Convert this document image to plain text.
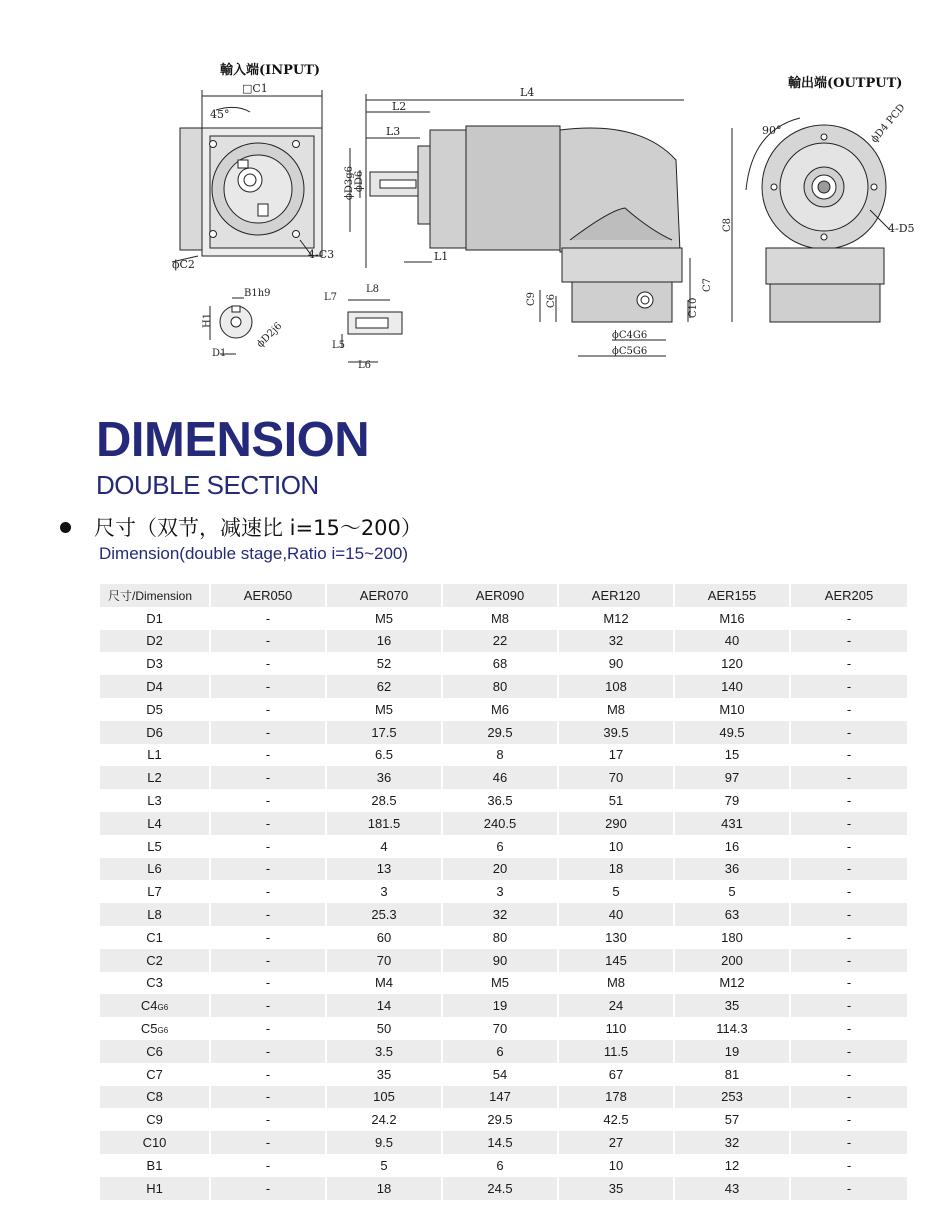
輸入端(INPUT)
輸出端(OUTPUT)
□C1
45°
ϕC2
4-C3
L2
L3
L4
L1
ϕD3g6 ϕD6
C8
C7
C9 C6	C10
ϕC4G6
ϕC5G6
90°	ϕD4 PCD
4-D5
B1h9
H1
D1
ϕD2j6
L7
L8
L5
L6
DIMENSION
DOUBLE SECTION
尺寸（双节，减速比 i=15～200）
Dimension(double stage,Ratio i=15~200)
尺寸/Dimension	AER050	AER070	AER090	AER120	AER155	AER205
D1	-	M5	M8	M12	M16	-
D2	-	16	22	32	40	-
D3	-	52	68	90	120	-
D4	-	62	80	108	140	-
D5	-	M5	M6	M8	M10	-
D6	-	17.5	29.5	39.5	49.5	-
L1	-	6.5	8	17	15	-
L2	-	36	46	70	97	-
L3	-	28.5	36.5	51	79	-
L4	-	181.5	240.5	290	431	-
L5	-	4	6	10	16	-
L6	-	13	20	18	36	-
L7	-	3	3	5	5	-
L8	-	25.3	32	40	63	-
C1	-	60	80	130	180	-
C2	-	70	90	145	200	-
C3	-	M4	M5	M8	M12	-
C4G6	-	14	19	24	35	-
C5G6	-	50	70	110	114.3	-
C6	-	3.5	6	11.5	19	-
C7	-	35	54	67	81	-
C8	-	105	147	178	253	-
C9	-	24.2	29.5	42.5	57	-
C10	-	9.5	14.5	27	32	-
B1	-	5	6	10	12	-
H1	-	18	24.5	35	43	-
